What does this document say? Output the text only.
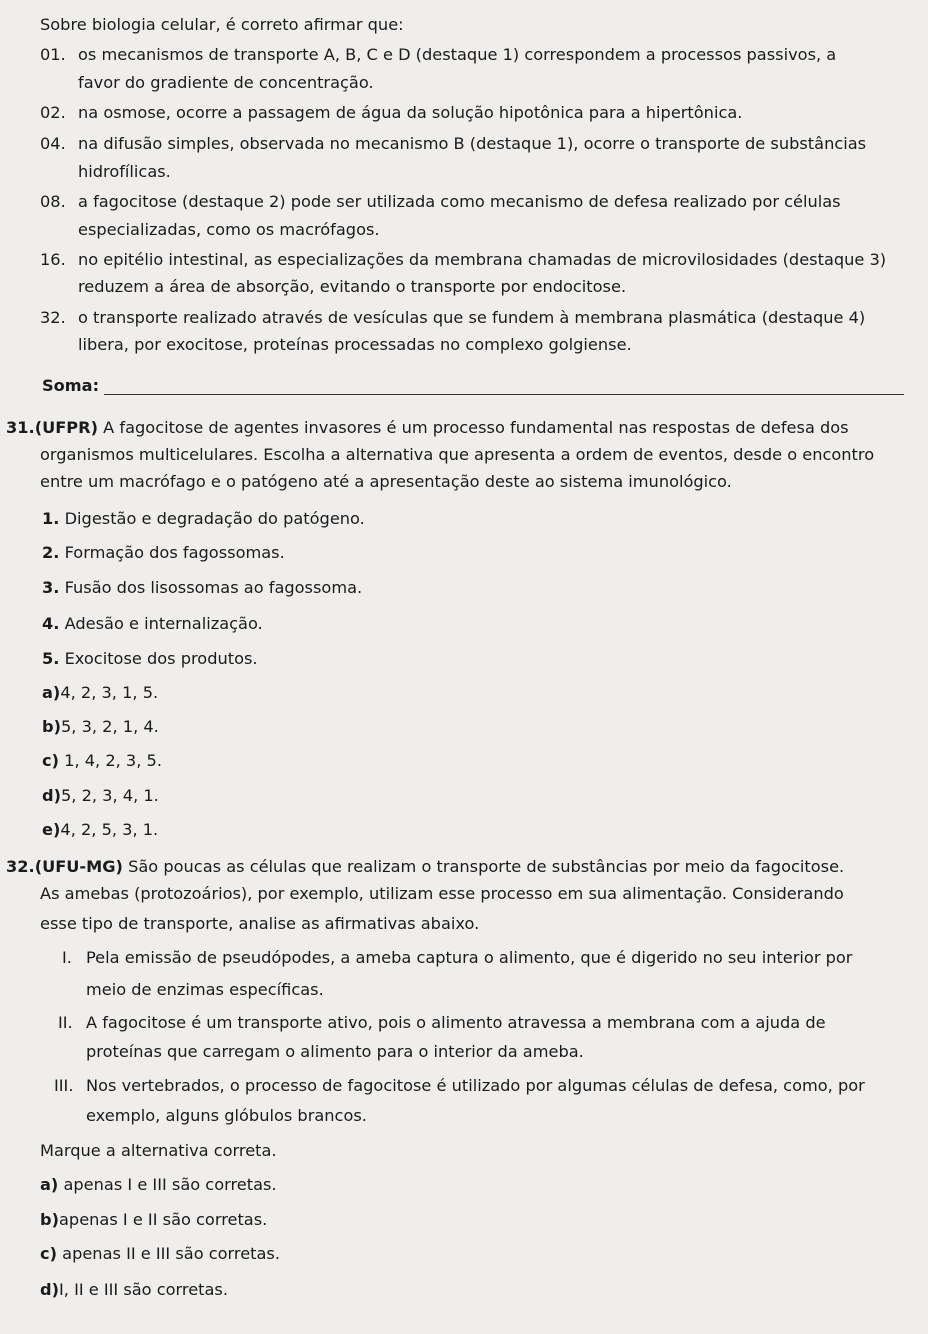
Sobre biologia celular, é correto afirmar que:
01. os mecanismos de transporte A, B, C e D (destaque 1) correspondem a processos passivos, a
favor do gradiente de concentração.
02. na osmose, ocorre a passagem de água da solução hipotônica para a hipertônica.
04. na difusão simples, observada no mecanismo B (destaque 1), ocorre o transporte de substâncias
hidrofílicas.
08. a fagocitose (destaque 2) pode ser utilizada como mecanismo de defesa realizado por células
especializadas, como os macrófagos.
16. no epitélio intestinal, as especializações da membrana chamadas de microvilosidades (destaque 3)
reduzem a área de absorção, evitando o transporte por endocitose.
32. o transporte realizado através de vesículas que se fundem à membrana plasmática (destaque 4)
libera, por exocitose, proteínas processadas no complexo golgiense.
Soma:
31.(UFPR) A fagocitose de agentes invasores é um processo fundamental nas respostas de defesa dos
organismos multicelulares. Escolha a alternativa que apresenta a ordem de eventos, desde o encontro
entre um macrófago e o patógeno até a apresentação deste ao sistema imunológico.
1. Digestão e degradação do patógeno.
2. Formação dos fagossomas.
3. Fusão dos lisossomas ao fagossoma.
4. Adesão e internalização.
5. Exocitose dos produtos.
a)4, 2, 3, 1, 5.
b)5, 3, 2, 1, 4.
c) 1, 4, 2, 3, 5.
d)5, 2, 3, 4, 1.
e)4, 2, 5, 3, 1.
32.(UFU-MG) São poucas as células que realizam o transporte de substâncias por meio da fagocitose.
As amebas (protozoários), por exemplo, utilizam esse processo em sua alimentação. Considerando
esse tipo de transporte, analise as afirmativas abaixo.
I. Pela emissão de pseudópodes, a ameba captura o alimento, que é digerido no seu interior por
meio de enzimas específicas.
II. A fagocitose é um transporte ativo, pois o alimento atravessa a membrana com a ajuda de
proteínas que carregam o alimento para o interior da ameba.
III. Nos vertebrados, o processo de fagocitose é utilizado por algumas células de defesa, como, por
exemplo, alguns glóbulos brancos.
Marque a alternativa correta.
a) apenas I e III são corretas.
b)apenas I e II são corretas.
c) apenas II e III são corretas.
d)I, II e III são corretas.
